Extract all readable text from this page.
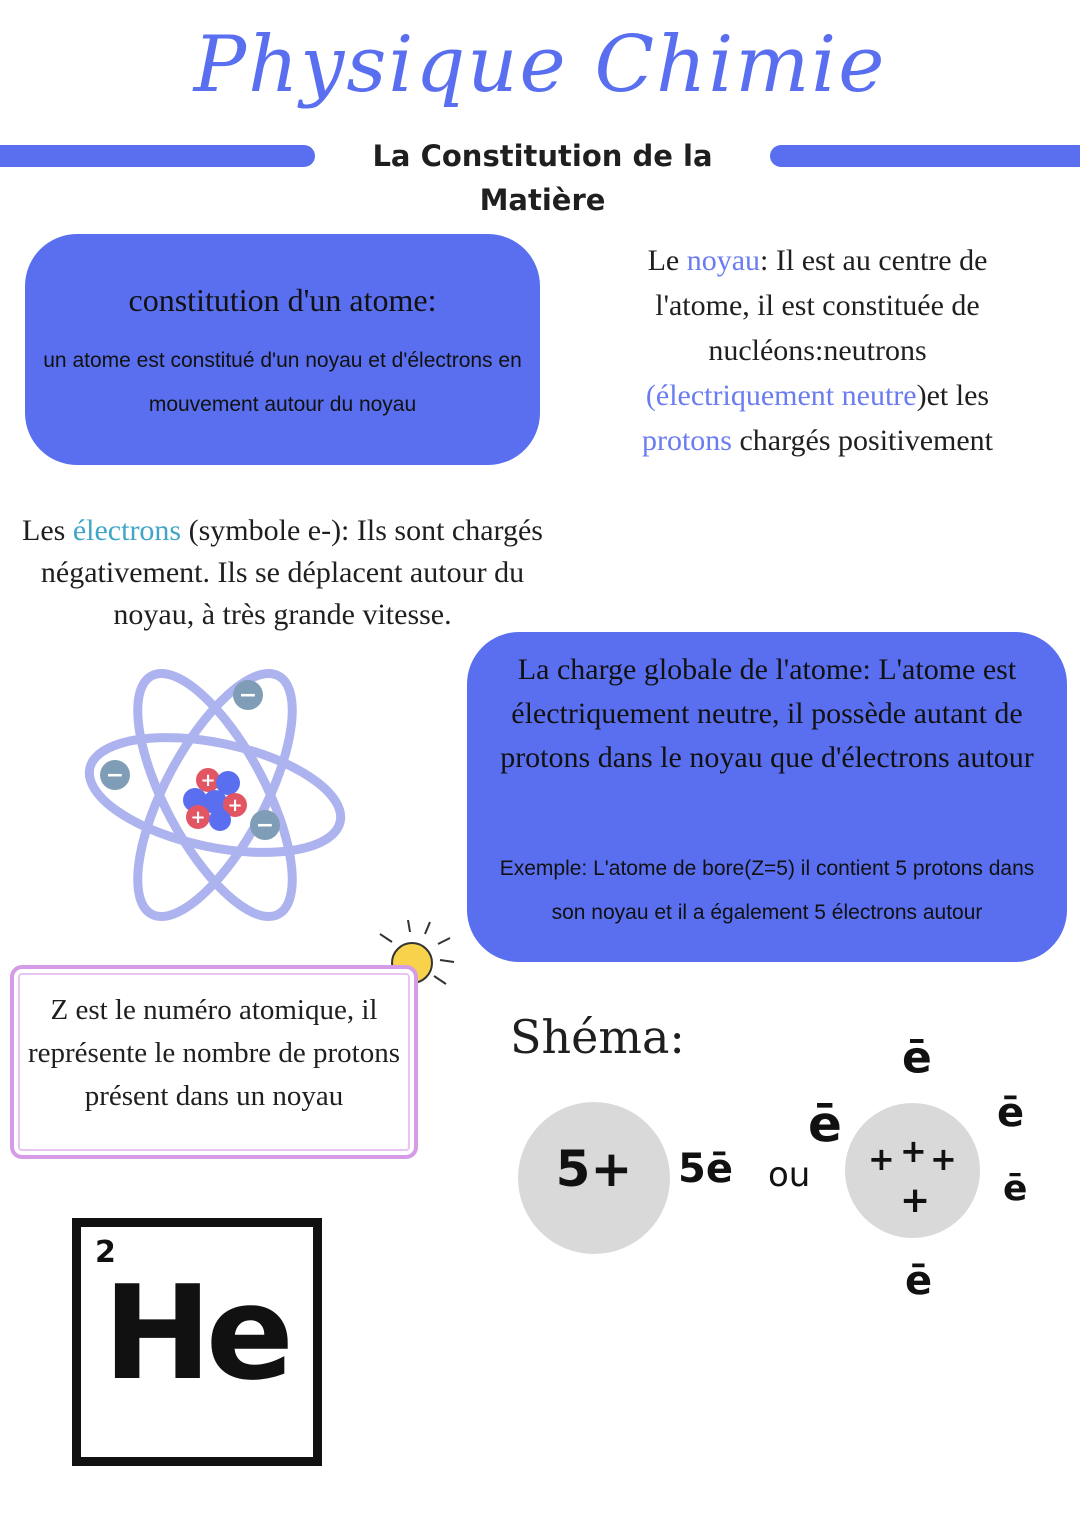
Physique Chimie
La Constitution de la Matière
constitution d'un atome:

un atome est constitué d'un noyau et d'électrons en mouvement autour du noyau

Le noyau: Il est au centre de l'atome, il est constituée de nucléons:neutrons (électriquement neutre)et les protons chargés positivement
Les électrons (symbole e-): Ils sont chargés négativement. Ils se déplacent autour du noyau, à très grande vitesse.
+
+
+
−
−
−
La charge globale de l'atome: L'atome est électriquement neutre, il possède autant de protons dans le noyau que d'électrons autour
Exemple: L'atome de bore(Z=5) il contient 5 protons dans son noyau et il a également 5 électrons autour
Z est le numéro atomique, il représente le nombre de protons présent dans un noyau
Shéma:
5+	5ē ou + + +
+
ē
ē	ē
ē
ē
2
He
